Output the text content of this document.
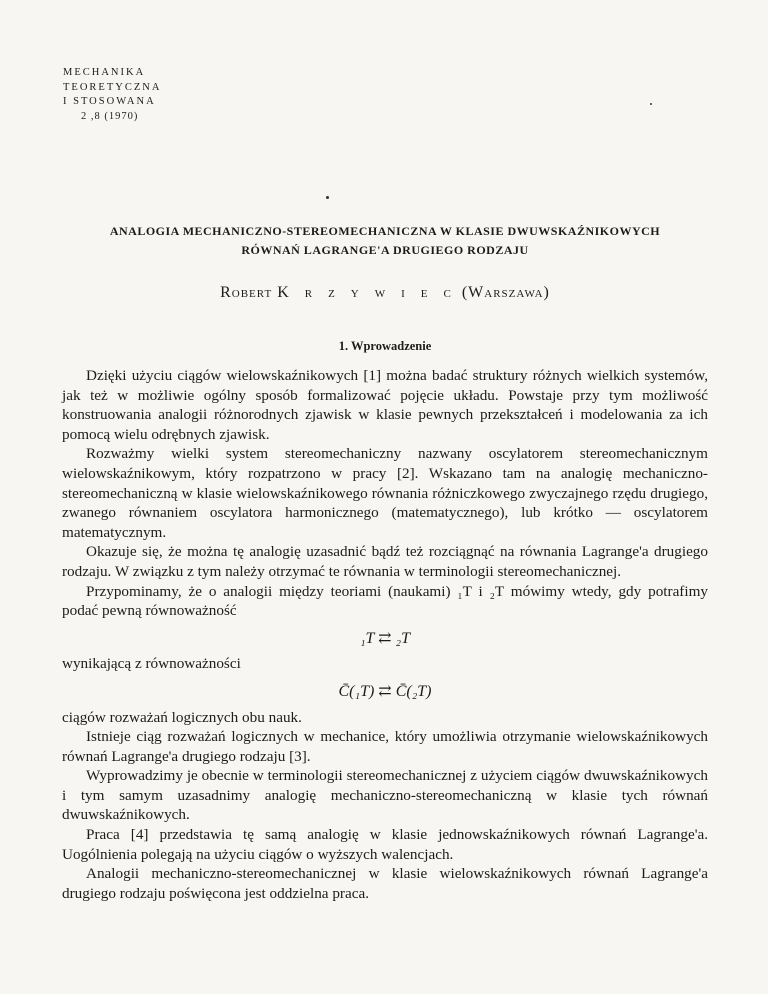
MECHANIKA
TEORETYCZNA
I STOSOWANA
2 ,8 (1970)
ANALOGIA MECHANICZNO-STEREOMECHANICZNA W KLASIE DWUWSKAŹNIKOWYCH
RÓWNAŃ LAGRANGE'A DRUGIEGO RODZAJU
Robert K r z y w i e c (Warszawa)
1. Wprowadzenie

Dzięki użyciu ciągów wielowskaźnikowych [1] można badać struktury różnych wielkich systemów, jak też w możliwie ogólny sposób formalizować pojęcie układu. Powstaje przy tym możliwość konstruowania analogii różnorodnych zjawisk w klasie pewnych przekształceń i modelowania za ich pomocą wielu odrębnych zjawisk.

Rozważmy wielki system stereomechaniczny nazwany oscylatorem stereomechanicznym wielowskaźnikowym, który rozpatrzono w pracy [2]. Wskazano tam na analogię mechaniczno-stereomechaniczną w klasie wielowskaźnikowego równania różniczkowego zwyczajnego rzędu drugiego, zwanego równaniem oscylatora harmonicznego (matematycznego), lub krótko — oscylatorem matematycznym.

Okazuje się, że można tę analogię uzasadnić bądź też rozciągnąć na równania Lagrange'a drugiego rodzaju. W związku z tym należy otrzymać te równania w terminologii stereomechanicznej.

Przypominamy, że o analogii między teoriami (naukami) ₁T i ₂T mówimy wtedy, gdy potrafimy podać pewną równoważność

₁T ⇄ ₂T

wynikającą z równoważności

C̄(₁T) ⇄ C̄(₂T)

ciągów rozważań logicznych obu nauk.

Istnieje ciąg rozważań logicznych w mechanice, który umożliwia otrzymanie wielowskaźnikowych równań Lagrange'a drugiego rodzaju [3].

Wyprowadzimy je obecnie w terminologii stereomechanicznej z użyciem ciągów dwuwskaźnikowych i tym samym uzasadnimy analogię mechaniczno-stereomechaniczną w klasie tych równań dwuwskaźnikowych.

Praca [4] przedstawia tę samą analogię w klasie jednowskaźnikowych równań Lagrange'a. Uogólnienia polegają na użyciu ciągów o wyższych walencjach.

Analogii mechaniczno-stereomechanicznej w klasie wielowskaźnikowych równań Lagrange'a drugiego rodzaju poświęcona jest oddzielna praca.
